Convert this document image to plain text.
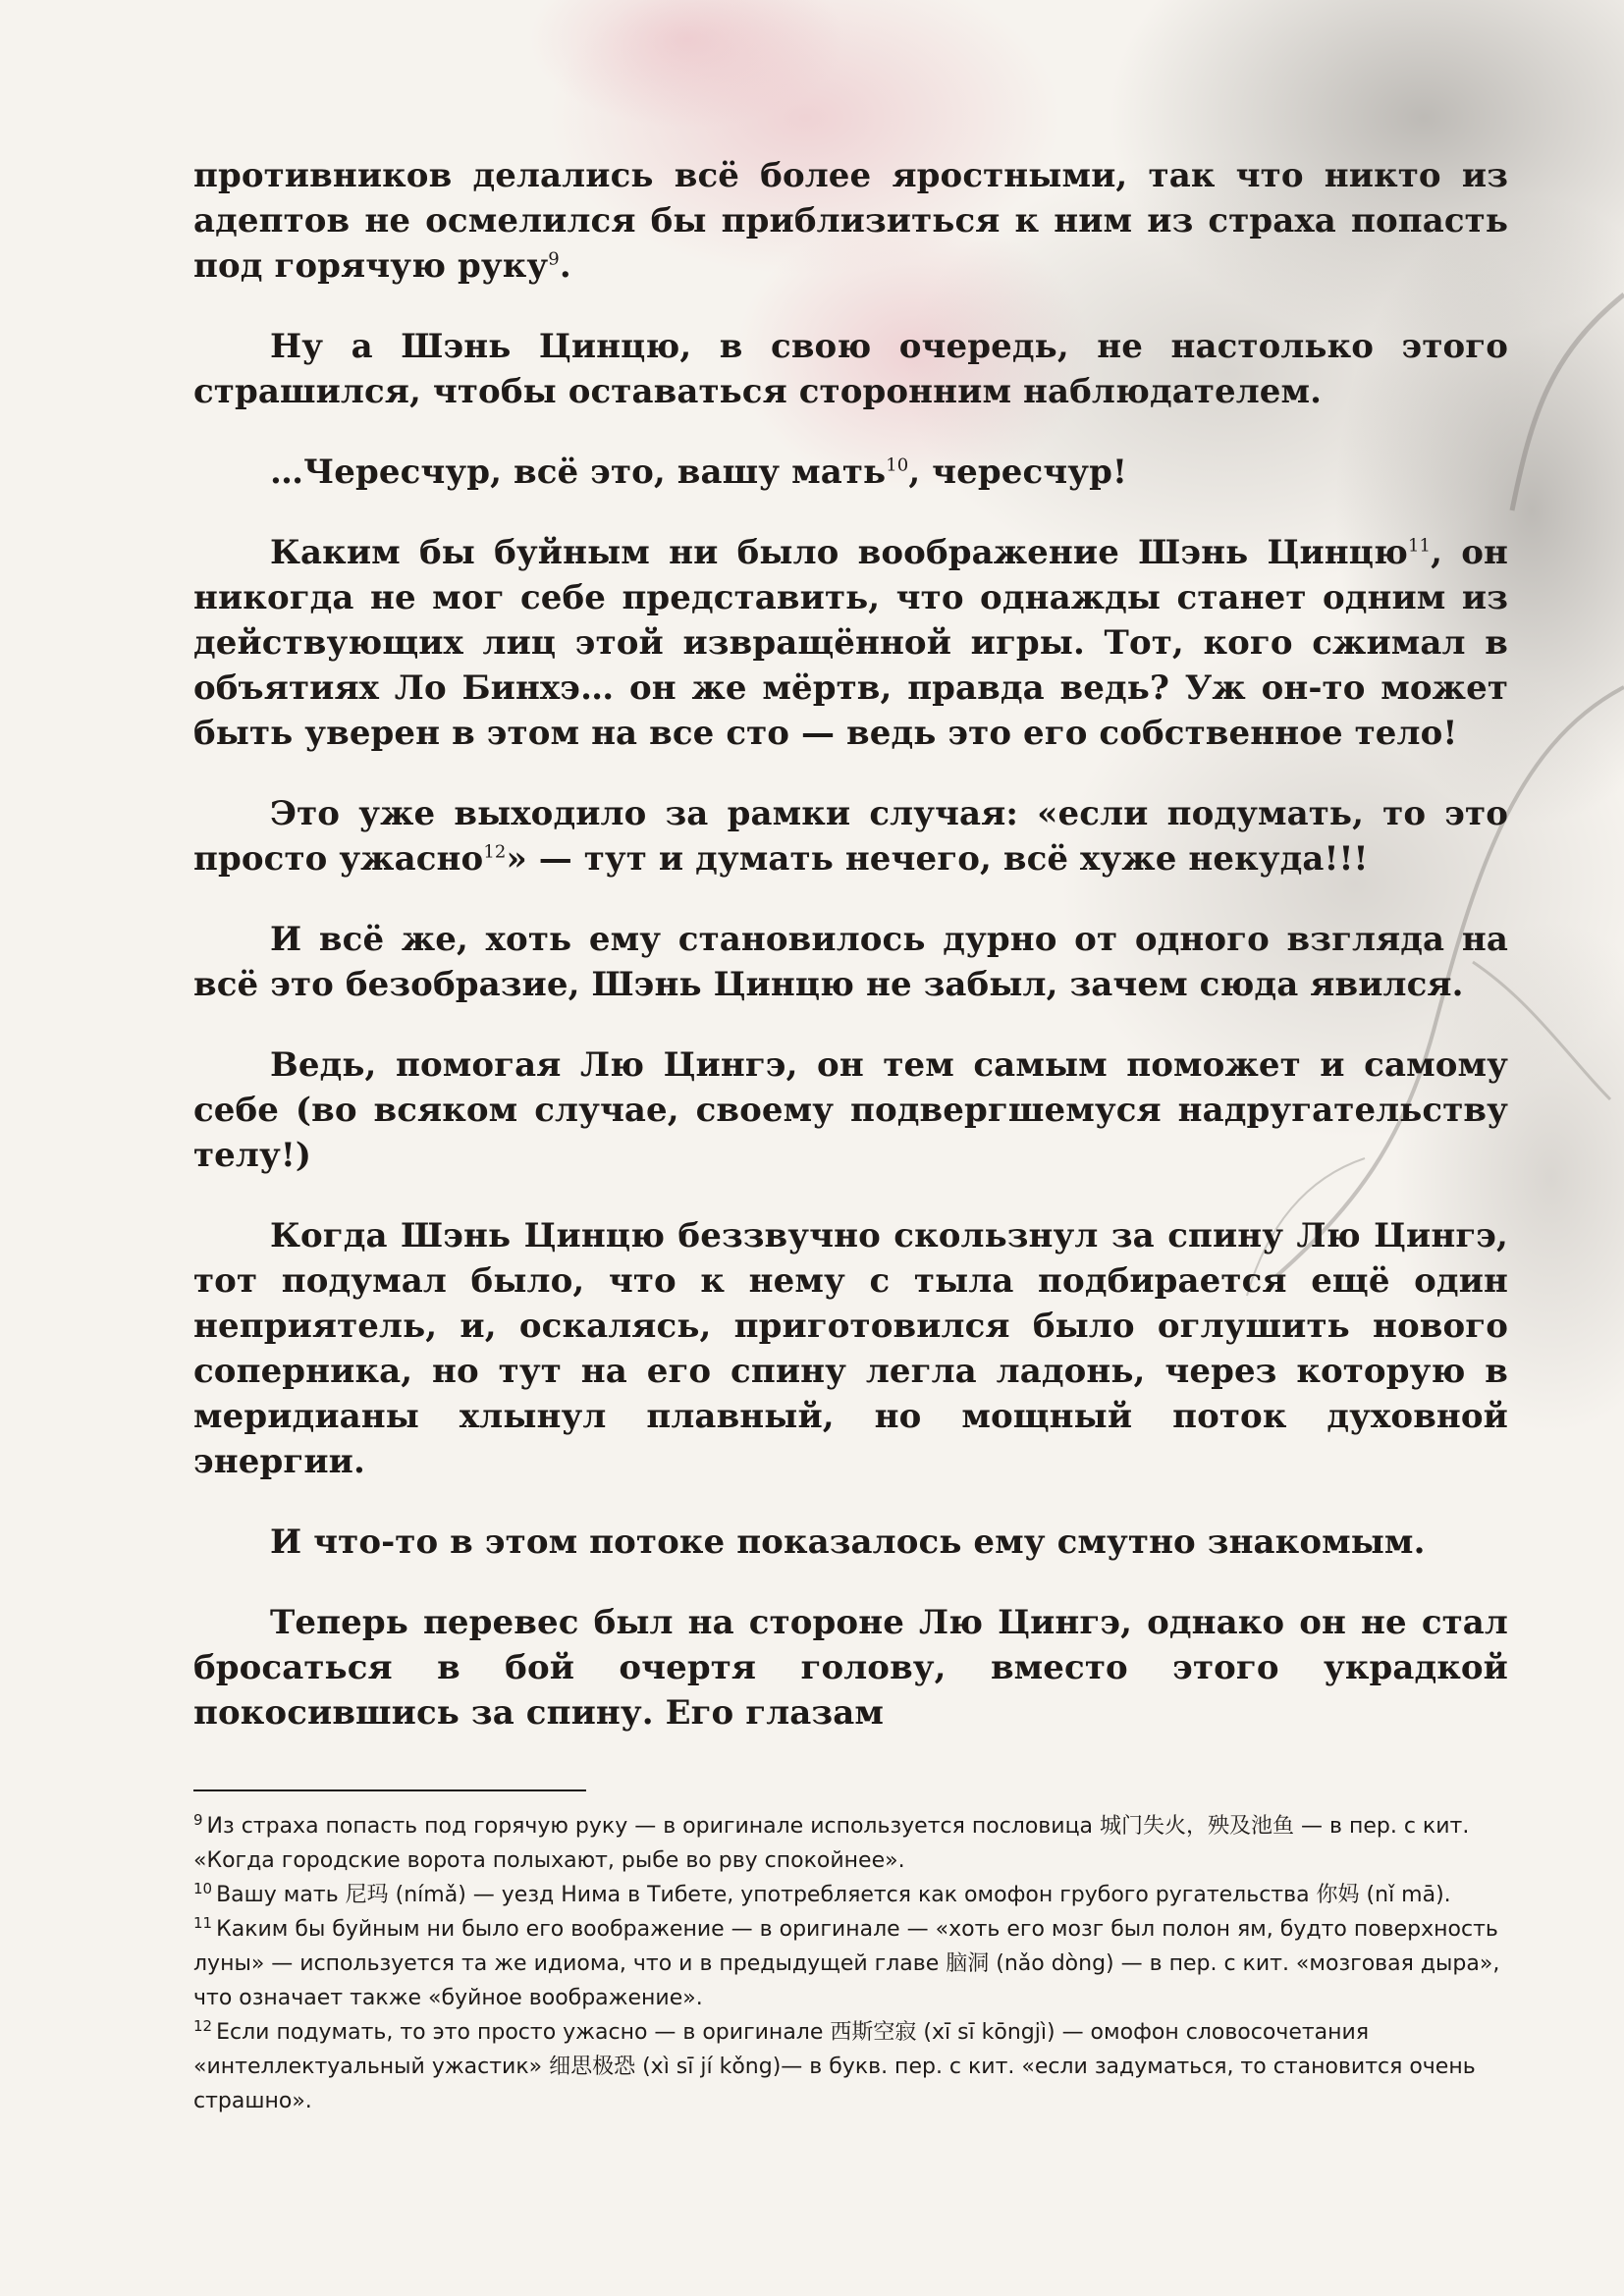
противников делались всё более яростными, так что никто из адептов не осмелился бы приблизиться к ним из страха попасть под горячую руку$^9$.

Ну а Шэнь Цинцю, в свою очередь, не настолько этого страшился, чтобы оставаться сторонним наблюдателем.

…Чересчур, всё это, вашу мать$^{10}$, чересчур!

Каким бы буйным ни было воображение Шэнь Цинцю$^{11}$, он никогда не мог себе представить, что однажды станет одним из действующих лиц этой извращённой игры. Тот, кого сжимал в объятиях Ло Бинхэ… он же мёртв, правда ведь? Уж он-то может быть уверен в этом на все сто — ведь это его собственное тело!

Это уже выходило за рамки случая: «если подумать, то это просто ужасно$^{12}$» — тут и думать нечего, всё хуже некуда!!!

И всё же, хоть ему становилось дурно от одного взгляда на всё это безобразие, Шэнь Цинцю не забыл, зачем сюда явился.

Ведь, помогая Лю Цингэ, он тем самым поможет и самому себе (во всяком случае, своему подвергшемуся надругательству телу!)

Когда Шэнь Цинцю беззвучно скользнул за спину Лю Цингэ, тот подумал было, что к нему с тыла подбирается ещё один неприятель, и, оскалясь, приготовился было оглушить нового соперника, но тут на его спину легла ладонь, через которую в меридианы хлынул плавный, но мощный поток духовной энергии.

И что-то в этом потоке показалось ему смутно знакомым.

Теперь перевес был на стороне Лю Цингэ, однако он не стал бросаться в бой очертя голову, вместо этого украдкой покосившись за спину. Его глазам

$^9$ Из страха попасть под горячую руку — в оригинале используется пословица 城门失火，殃及池鱼 — в пер. с кит. «Когда городские ворота полыхают, рыбе во рву спокойнее».

$^{10}$ Вашу мать 尼玛 (nímǎ) — уезд Нима в Тибете, употребляется как омофон грубого ругательства 你妈 (nǐ mā).

$^{11}$ Каким бы буйным ни было его воображение — в оригинале — «хоть его мозг был полон ям, будто поверхность луны» — используется та же идиома, что и в предыдущей главе 脑洞 (nǎo dòng) — в пер. с кит. «мозговая дыра», что означает также «буйное воображение».

$^{12}$ Если подумать, то это просто ужасно — в оригинале 西斯空寂 (xī sī kōngjì) — омофон словосочетания «интеллектуальный ужастик» 细思极恐 (xì sī jí kǒng)— в букв. пер. с кит. «если задуматься, то становится очень страшно».
